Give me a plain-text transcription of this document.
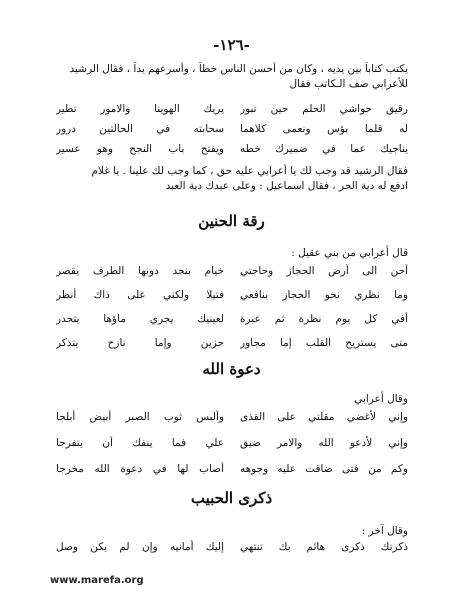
-١٢٦-
يكتب كتاباً بين يديه ، وكان من أحسن الناس خطاً ، وأسرعهم يداً ، فقال الرشيد
للأعرابي صف الـكاتب فقال
رقيق حواشي الحلم حين تبور
يريك الهوينا والامور تطير
له قلما بؤس ونعمى كلاهما
سحابته في الحالتين درور
يناجيك عما في ضميرك خطه
ويفتح باب النجح وهو عسير
فقال الرشيد قد وجب لك يا أعرابي عليه حق ، كما وجب لك علينا . يا غلام
ادفع له دية الحر ، فقال اسماعيل : وعلى عبدك دية العبد
رقة الحنين
قال أعرابي من بني عقيل :
أحن الى أرض الحجاز وحاجتي
خيام بنجد دونها الطرف يقصر
وما نظري نحو الحجاز بنافعي
فتيلا ولكني على ذاك أنظر
أفي كل يوم نظرة ثم عبرة
لعينيك يجري ماؤها يتحدر
متى يستريح القلب إما مجاور
حزين وإما نازح يتذكر
دعوة الله
وقال أعرابي
وإني لأغضي مقلتي على القذى
وألبس ثوب الصبر أبيض أبلجا
وإني لأدعو الله والامر ضيق
علي فما ينفك أن يتفرجا
وكم من فتى ضاقت عليه وجوهه
أصاب لها في دعوة الله مخرجا
ذكرى الحبيب
وقال آخر :
ذكرتك ذكرى هائم بك تنتهي
إليك أمانيه وإن لم يكن وصل
www.marefa.org
